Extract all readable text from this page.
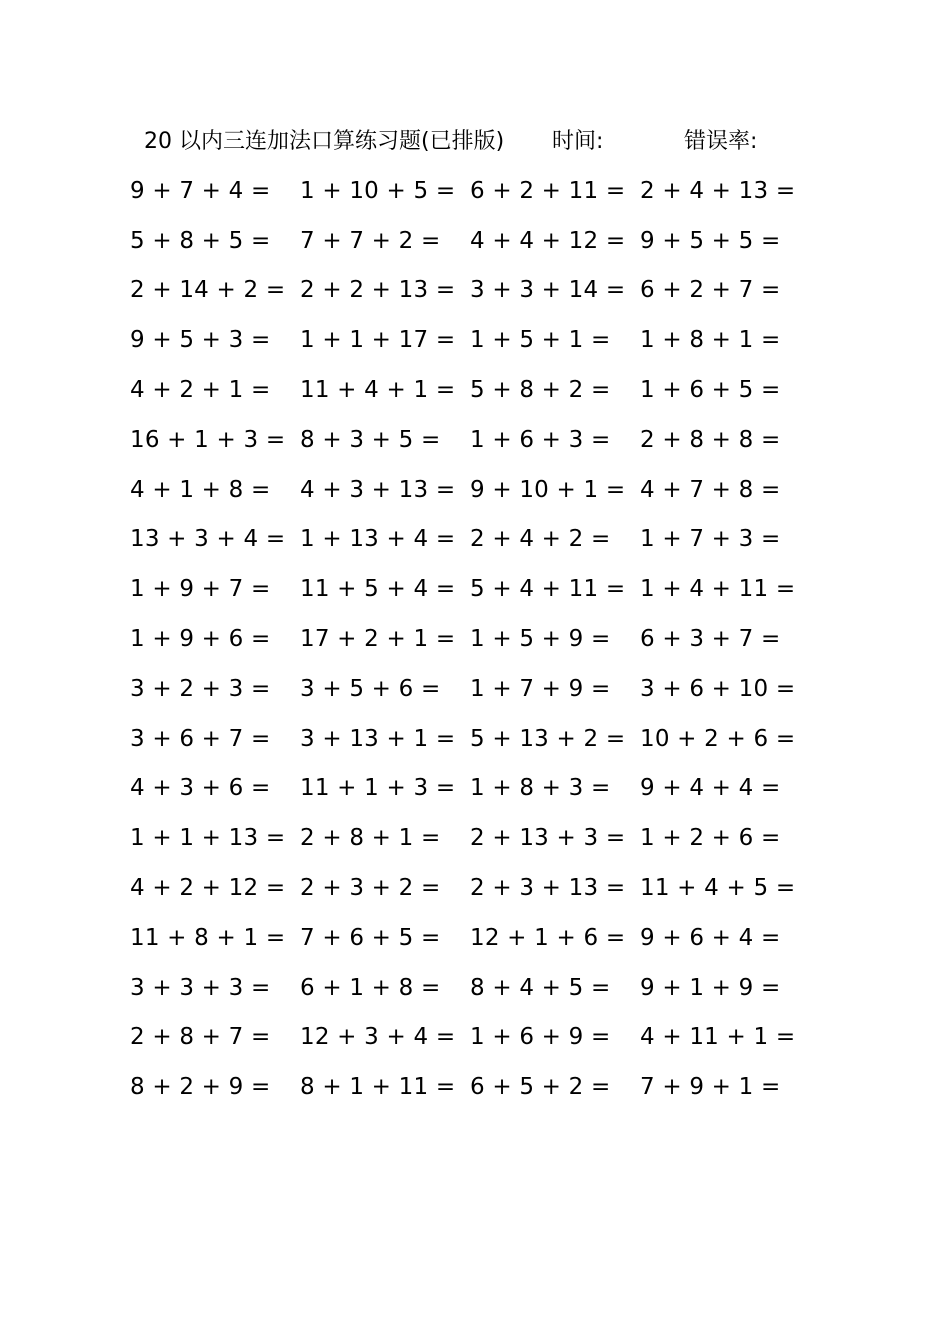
20 以内三连加法口算练习题(已排版) 时间:	错误率:
9 + 7 + 4 =	1 + 10 + 5 = 6 + 2 + 11 = 2 + 4 + 13 =
5 + 8 + 5 =	7 + 7 + 2 =	4 + 4 + 12 = 9 + 5 + 5 =
2 + 14 + 2 = 2 + 2 + 13 = 3 + 3 + 14 = 6 + 2 + 7 =
9 + 5 + 3 =	1 + 1 + 17 = 1 + 5 + 1 =	1 + 8 + 1 =
4 + 2 + 1 =	11 + 4 + 1 = 5 + 8 + 2 =	1 + 6 + 5 =
16 + 1 + 3 = 8 + 3 + 5 =	1 + 6 + 3 =	2 + 8 + 8 =
4 + 1 + 8 =	4 + 3 + 13 = 9 + 10 + 1 = 4 + 7 + 8 =
13 + 3 + 4 = 1 + 13 + 4 = 2 + 4 + 2 =	1 + 7 + 3 =
1 + 9 + 7 =	11 + 5 + 4 = 5 + 4 + 11 = 1 + 4 + 11 =
1 + 9 + 6 =	17 + 2 + 1 = 1 + 5 + 9 =	6 + 3 + 7 =
3 + 2 + 3 =	3 + 5 + 6 =	1 + 7 + 9 =	3 + 6 + 10 =
3 + 6 + 7 =	3 + 13 + 1 = 5 + 13 + 2 = 10 + 2 + 6 =
4 + 3 + 6 =	11 + 1 + 3 = 1 + 8 + 3 =	9 + 4 + 4 =
1 + 1 + 13 = 2 + 8 + 1 =	2 + 13 + 3 = 1 + 2 + 6 =
4 + 2 + 12 = 2 + 3 + 2 =	2 + 3 + 13 = 11 + 4 + 5 =
11 + 8 + 1 = 7 + 6 + 5 =	12 + 1 + 6 = 9 + 6 + 4 =
3 + 3 + 3 =	6 + 1 + 8 =	8 + 4 + 5 =	9 + 1 + 9 =
2 + 8 + 7 =	12 + 3 + 4 = 1 + 6 + 9 =	4 + 11 + 1 =
8 + 2 + 9 =	8 + 1 + 11 = 6 + 5 + 2 =	7 + 9 + 1 =
